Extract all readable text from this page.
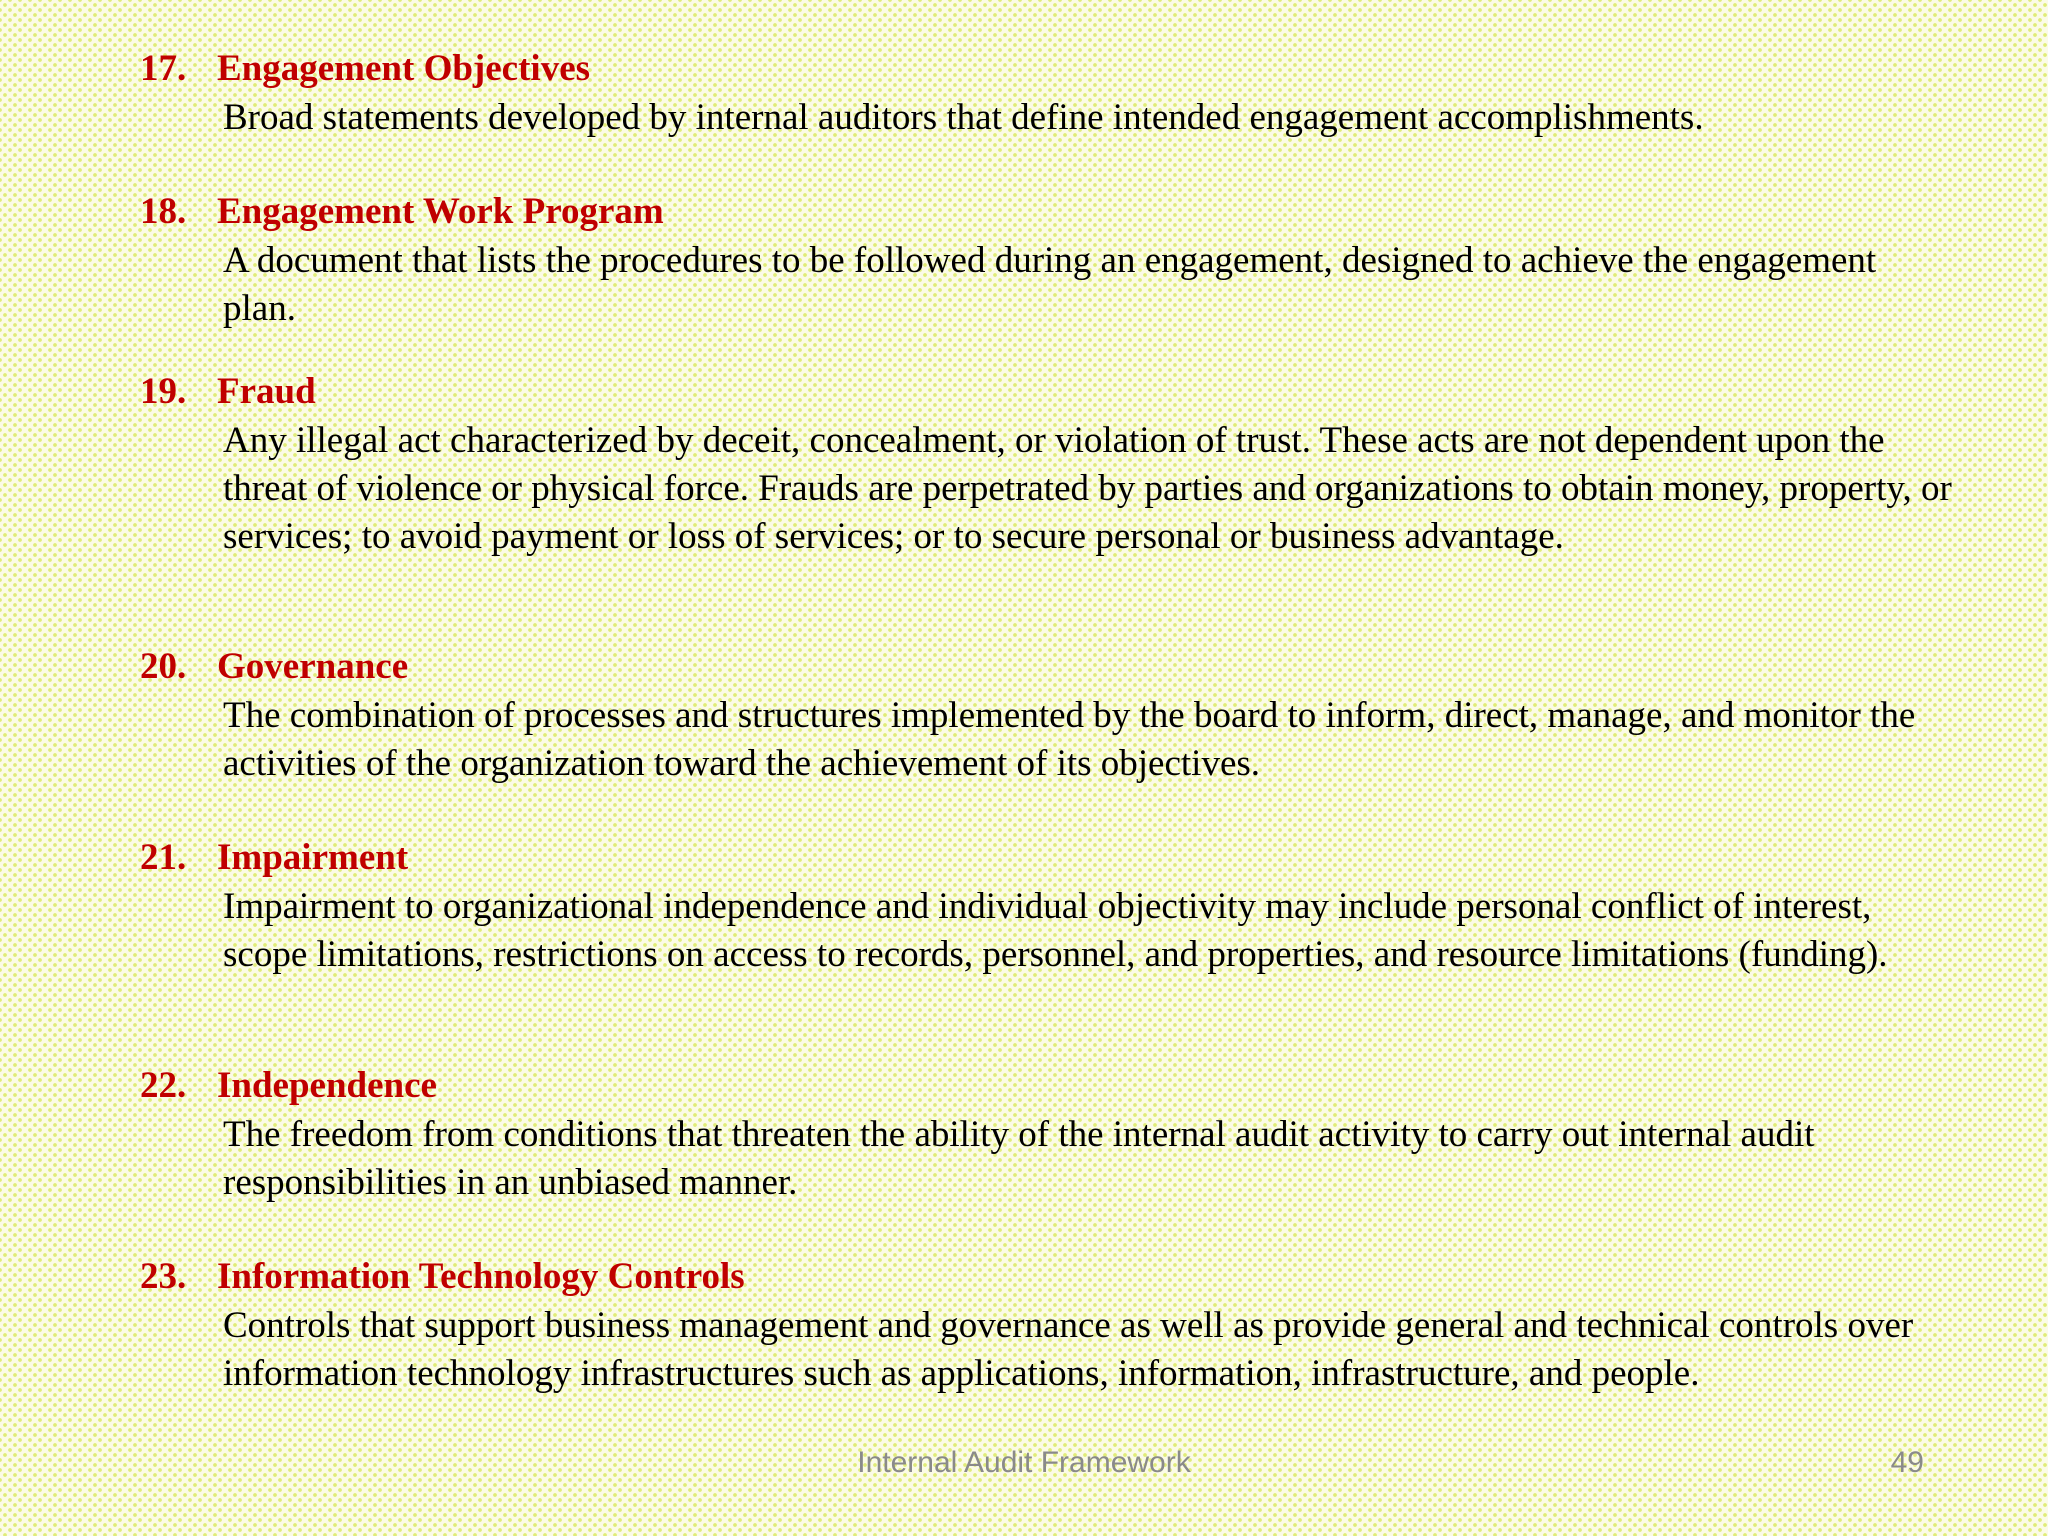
17. Engagement Objectives
Broad statements developed by internal auditors that define intended engagement accomplishments.
18. Engagement Work Program
A document that lists the procedures to be followed during an engagement, designed to achieve the engagement plan.
19. Fraud
Any illegal act characterized by deceit, concealment, or violation of trust. These acts are not dependent upon the threat of violence or physical force. Frauds are perpetrated by parties and organizations to obtain money, property, or services; to avoid payment or loss of services; or to secure personal or business advantage.
20. Governance
The combination of processes and structures implemented by the board to inform, direct, manage, and monitor the activities of the organization toward the achievement of its objectives.
21. Impairment
Impairment to organizational independence and individual objectivity may include personal conflict of interest, scope limitations, restrictions on access to records, personnel, and properties, and resource limitations (funding).
22. Independence
The freedom from conditions that threaten the ability of the internal audit activity to carry out internal audit responsibilities in an unbiased manner.
23. Information Technology Controls
Controls that support business management and governance as well as provide general and technical controls over information technology infrastructures such as applications, information, infrastructure, and people.
Internal Audit Framework	49
